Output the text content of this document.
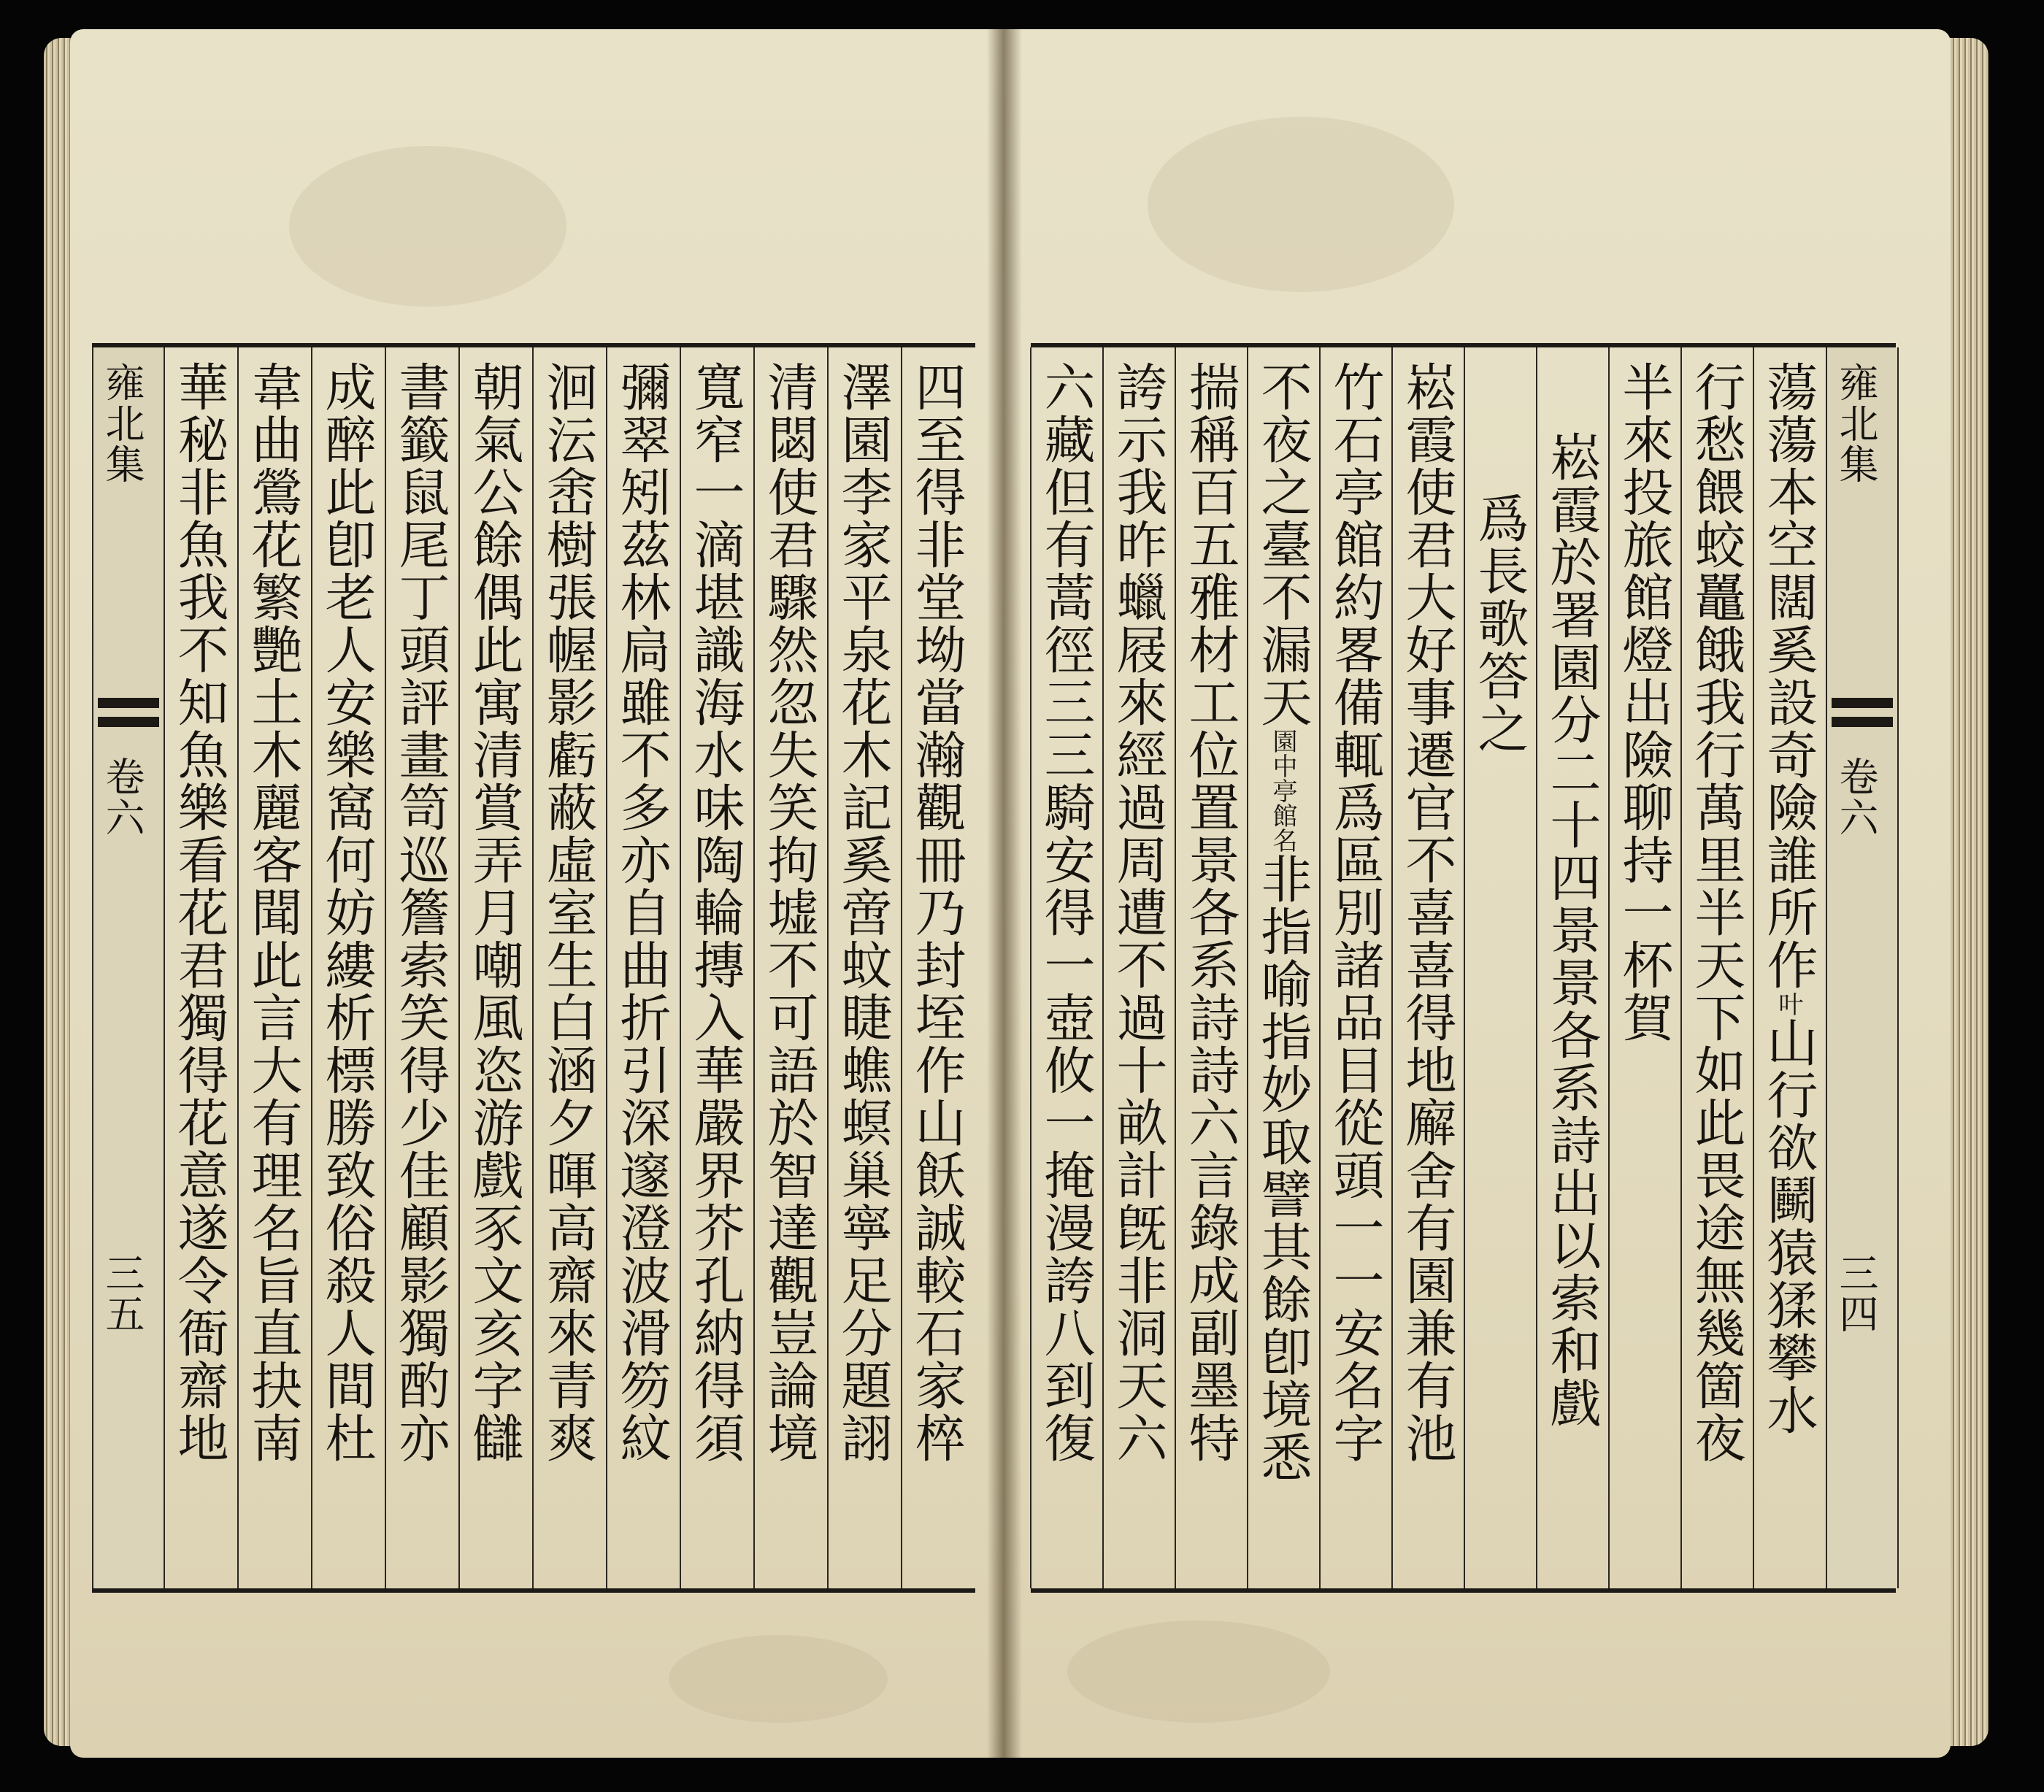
雍北集
卷六
三五	四至得非堂坳當瀚觀冊乃封垤作山飫誠較石家椊
澤園李家平泉花木記奚啻蚊睫蟭螟巢寧足分題詡
清閟使君驟然忽失笑拘墟不可語於智達觀豈論境
寬窄一滴堪識海水味陶輪摶入華嚴界芥孔納得須
彌翠矧茲林扃雖不多亦自曲折引深邃澄波滑笏紋
洄沄峹樹張幄影虧蔽虛室生白涵夕暉高齋來青爽
朝氣公餘偶此寓清賞弄月嘲風恣游戲豕文亥字讎
書籤鼠尾丁頭評畫笥巡簷索笑得少佳顧影獨酌亦
成醉此卽老人安樂窩何妨縷析標勝致俗殺人間杜
韋曲鶯花繁艷土木麗客聞此言大有理名旨直抉南
華秘非魚我不知魚樂看花君獨得花意遂令衙齋地	蕩蕩本空闊奚設奇險誰所作叶山行欲鬭猿猱攀水
行愁餵蛟鼉餓我行萬里半天下如此畏途無幾箇夜
半來投旅館燈出險聊持一杯賀
崧霞於署園分二十四景景各系詩出以索和戲
爲長歌答之
崧霞使君大好事遷官不喜喜得地廨舍有園兼有池
竹石亭館約畧備輒爲區別諸品目從頭一一安名字
不夜之臺不漏天園中亭館名非指喻指妙取譬其餘卽境悉
揣稱百五雅材工位置景各系詩詩六言錄成副墨特
誇示我昨蠟屐來經過周遭不過十畝計旣非洞天六
六藏但有蒿徑三三騎安得一壺攸一掩漫誇八到復	雍北集
卷六
三四
